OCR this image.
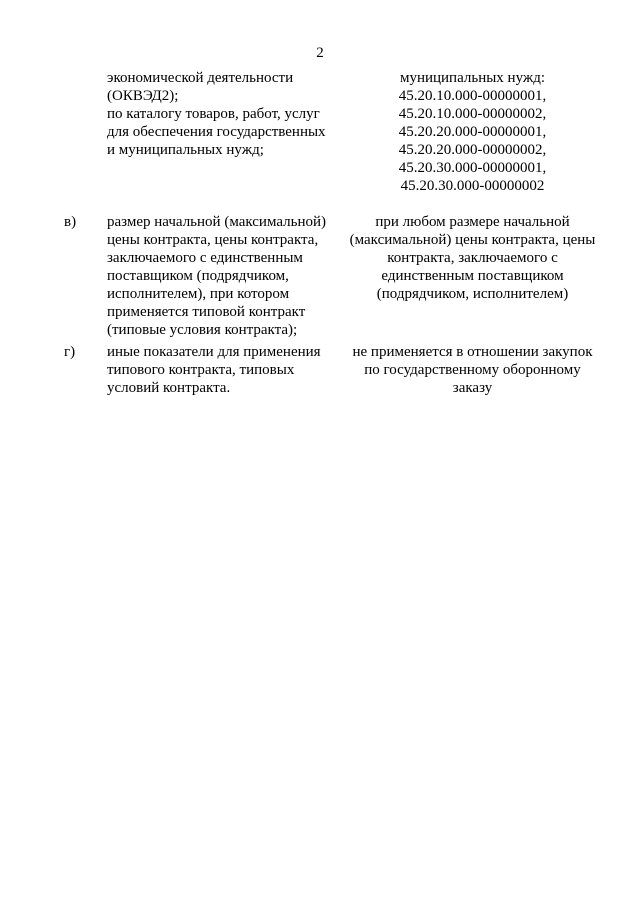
2
экономической деятельности
(ОКВЭД2);
по каталогу товаров, работ, услуг
для обеспечения государственных
и муниципальных нужд;
муниципальных нужд:
45.20.10.000-00000001,
45.20.10.000-00000002,
45.20.20.000-00000001,
45.20.20.000-00000002,
45.20.30.000-00000001,
45.20.30.000-00000002
в) размер начальной (максимальной)
цены контракта, цены контракта,
заключаемого с единственным
поставщиком (подрядчиком,
исполнителем), при котором
применяется типовой контракт
(типовые условия контракта);
при любом размере начальной
(максимальной) цены контракта, цены
контракта, заключаемого с
единственным поставщиком
(подрядчиком, исполнителем)
г) иные показатели для применения
типового контракта, типовых
условий контракта.
не применяется в отношении закупок
по государственному оборонному
заказу
